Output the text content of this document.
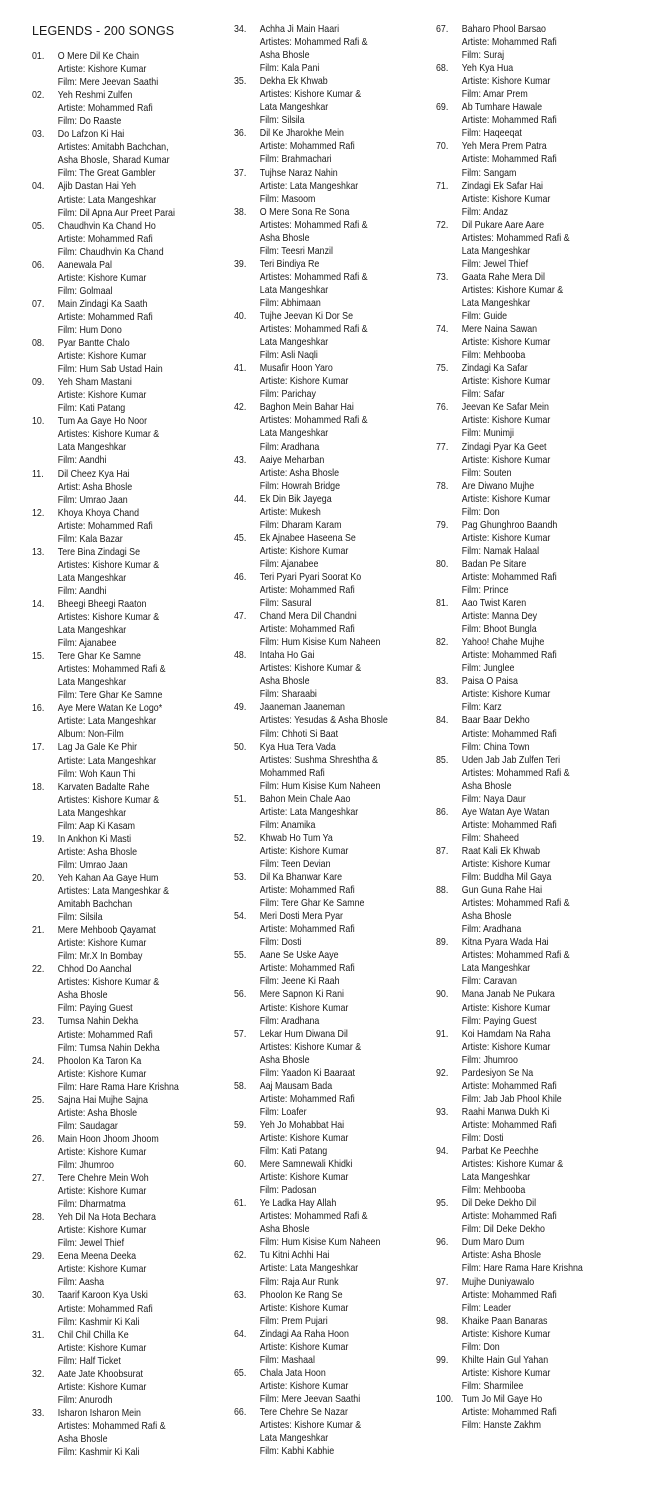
LEGENDS - 200 SONGS
01. O Mere Dil Ke Chain
Artiste: Kishore Kumar
Film: Mere Jeevan Saathi
02. Yeh Reshmi Zulfen
Artiste: Mohammed Rafi
Film: Do Raaste
03. Do Lafzon Ki Hai
Artistes: Amitabh Bachchan,
Asha Bhosle, Sharad Kumar
Film: The Great Gambler
04. Ajib Dastan Hai Yeh
Artiste: Lata Mangeshkar
Film: Dil Apna Aur Preet Parai
05. Chaudhvin Ka Chand Ho
Artiste: Mohammed Rafi
Film: Chaudhvin Ka Chand
06. Aanewala Pal
Artiste: Kishore Kumar
Film: Golmaal
07. Main Zindagi Ka Saath
Artiste: Mohammed Rafi
Film: Hum Dono
08. Pyar Bantte Chalo
Artiste: Kishore Kumar
Film: Hum Sab Ustad Hain
09. Yeh Sham Mastani
Artiste: Kishore Kumar
Film: Kati Patang
10. Tum Aa Gaye Ho Noor
Artistes: Kishore Kumar &
Lata Mangeshkar
Film: Aandhi
11. Dil Cheez Kya Hai
Artist: Asha Bhosle
Film: Umrao Jaan
12. Khoya Khoya Chand
Artiste: Mohammed Rafi
Film: Kala Bazar
13. Tere Bina Zindagi Se
Artistes: Kishore Kumar &
Lata Mangeshkar
Film: Aandhi
14. Bheegi Bheegi Raaton
Artistes: Kishore Kumar &
Lata Mangeshkar
Film: Ajanabee
15. Tere Ghar Ke Samne
Artistes: Mohammed Rafi &
Lata Mangeshkar
Film: Tere Ghar Ke Samne
16. Aye Mere Watan Ke Logo*
Artiste: Lata Mangeshkar
Album: Non-Film
17. Lag Ja Gale Ke Phir
Artiste: Lata Mangeshkar
Film: Woh Kaun Thi
18. Karvaten Badalte Rahe
Artistes: Kishore Kumar &
Lata Mangeshkar
Film: Aap Ki Kasam
19. In Ankhon Ki Masti
Artiste: Asha Bhosle
Film: Umrao Jaan
20. Yeh Kahan Aa Gaye Hum
Artistes: Lata Mangeshkar &
Amitabh Bachchan
Film: Silsila
21. Mere Mehboob Qayamat
Artiste: Kishore Kumar
Film: Mr.X In Bombay
22. Chhod Do Aanchal
Artistes: Kishore Kumar &
Asha Bhosle
Film: Paying Guest
23. Tumsa Nahin Dekha
Artiste: Mohammed Rafi
Film: Tumsa Nahin Dekha
24. Phoolon Ka Taron Ka
Artiste: Kishore Kumar
Film: Hare Rama Hare Krishna
25. Sajna Hai Mujhe Sajna
Artiste: Asha Bhosle
Film: Saudagar
26. Main Hoon Jhoom Jhoom
Artiste: Kishore Kumar
Film: Jhumroo
27. Tere Chehre Mein Woh
Artiste: Kishore Kumar
Film: Dharmatma
28. Yeh Dil Na Hota Bechara
Artiste: Kishore Kumar
Film: Jewel Thief
29. Eena Meena Deeka
Artiste: Kishore Kumar
Film: Aasha
30. Taarif Karoon Kya Uski
Artiste: Mohammed Rafi
Film: Kashmir Ki Kali
31. Chil Chil Chilla Ke
Artiste: Kishore Kumar
Film: Half Ticket
32. Aate Jate Khoobsurat
Artiste: Kishore Kumar
Film: Anurodh
33. Isharon Isharon Mein
Artistes: Mohammed Rafi &
Asha Bhosle
Film: Kashmir Ki Kali
34. Achha Ji Main Haari
Artistes: Mohammed Rafi &
Asha Bhosle
Film: Kala Pani
35. Dekha Ek Khwab
Artistes: Kishore Kumar &
Lata Mangeshkar
Film: Silsila
36. Dil Ke Jharokhe Mein
Artiste: Mohammed Rafi
Film: Brahmachari
37. Tujhse Naraz Nahin
Artiste: Lata Mangeshkar
Film: Masoom
38. O Mere Sona Re Sona
Artistes: Mohammed Rafi &
Asha Bhosle
Film: Teesri Manzil
39. Teri Bindiya Re
Artistes: Mohammed Rafi &
Lata Mangeshkar
Film: Abhimaan
40. Tujhe Jeevan Ki Dor Se
Artistes: Mohammed Rafi &
Lata Mangeshkar
Film: Asli Naqli
41. Musafir Hoon Yaro
Artiste: Kishore Kumar
Film: Parichay
42. Baghon Mein Bahar Hai
Artistes: Mohammed Rafi &
Lata Mangeshkar
Film: Aradhana
43. Aaiye Meharban
Artiste: Asha Bhosle
Film: Howrah Bridge
44. Ek Din Bik Jayega
Artiste: Mukesh
Film: Dharam Karam
45. Ek Ajnabee Haseena Se
Artiste: Kishore Kumar
Film: Ajanabee
46. Teri Pyari Pyari Soorat Ko
Artiste: Mohammed Rafi
Film: Sasural
47. Chand Mera Dil Chandni
Artiste: Mohammed Rafi
Film: Hum Kisise Kum Naheen
48. Intaha Ho Gai
Artistes: Kishore Kumar &
Asha Bhosle
Film: Sharaabi
49. Jaaneman Jaaneman
Artistes: Yesudas & Asha Bhosle
Film: Chhoti Si Baat
50. Kya Hua Tera Vada
Artistes: Sushma Shreshtha &
Mohammed Rafi
Film: Hum Kisise Kum Naheen
51. Bahon Mein Chale Aao
Artiste: Lata Mangeshkar
Film: Anamika
52. Khwab Ho Tum Ya
Artiste: Kishore Kumar
Film: Teen Devian
53. Dil Ka Bhanwar Kare
Artiste: Mohammed Rafi
Film: Tere Ghar Ke Samne
54. Meri Dosti Mera Pyar
Artiste: Mohammed Rafi
Film: Dosti
55. Aane Se Uske Aaye
Artiste: Mohammed Rafi
Film: Jeene Ki Raah
56. Mere Sapnon Ki Rani
Artiste: Kishore Kumar
Film: Aradhana
57. Lekar Hum Diwana Dil
Artistes: Kishore Kumar &
Asha Bhosle
Film: Yaadon Ki Baaraat
58. Aaj Mausam Bada
Artiste: Mohammed Rafi
Film: Loafer
59. Yeh Jo Mohabbat Hai
Artiste: Kishore Kumar
Film: Kati Patang
60. Mere Samnewali Khidki
Artiste: Kishore Kumar
Film: Padosan
61. Ye Ladka Hay Allah
Artistes: Mohammed Rafi &
Asha Bhosle
Film: Hum Kisise Kum Naheen
62. Tu Kitni Achhi Hai
Artiste: Lata Mangeshkar
Film: Raja Aur Runk
63. Phoolon Ke Rang Se
Artiste: Kishore Kumar
Film: Prem Pujari
64. Zindagi Aa Raha Hoon
Artiste: Kishore Kumar
Film: Mashaal
65. Chala Jata Hoon
Artiste: Kishore Kumar
Film: Mere Jeevan Saathi
66. Tere Chehre Se Nazar
Artistes: Kishore Kumar &
Lata Mangeshkar
Film: Kabhi Kabhie
67. Baharo Phool Barsao
Artiste: Mohammed Rafi
Film: Suraj
68. Yeh Kya Hua
Artiste: Kishore Kumar
Film: Amar Prem
69. Ab Tumhare Hawale
Artiste: Mohammed Rafi
Film: Haqeeqat
70. Yeh Mera Prem Patra
Artiste: Mohammed Rafi
Film: Sangam
71. Zindagi Ek Safar Hai
Artiste: Kishore Kumar
Film: Andaz
72. Dil Pukare Aare Aare
Artistes: Mohammed Rafi &
Lata Mangeshkar
Film: Jewel Thief
73. Gaata Rahe Mera Dil
Artistes: Kishore Kumar &
Lata Mangeshkar
Film: Guide
74. Mere Naina Sawan
Artiste: Kishore Kumar
Film: Mehbooba
75. Zindagi Ka Safar
Artiste: Kishore Kumar
Film: Safar
76. Jeevan Ke Safar Mein
Artiste: Kishore Kumar
Film: Munimji
77. Zindagi Pyar Ka Geet
Artiste: Kishore Kumar
Film: Souten
78. Are Diwano Mujhe
Artiste: Kishore Kumar
Film: Don
79. Pag Ghunghroo Baandh
Artiste: Kishore Kumar
Film: Namak Halaal
80. Badan Pe Sitare
Artiste: Mohammed Rafi
Film: Prince
81. Aao Twist Karen
Artiste: Manna Dey
Film: Bhoot Bungla
82. Yahoo! Chahe Mujhe
Artiste: Mohammed Rafi
Film: Junglee
83. Paisa O Paisa
Artiste: Kishore Kumar
Film: Karz
84. Baar Baar Dekho
Artiste: Mohammed Rafi
Film: China Town
85. Uden Jab Jab Zulfen Teri
Artistes: Mohammed Rafi &
Asha Bhosle
Film: Naya Daur
86. Aye Watan Aye Watan
Artiste: Mohammed Rafi
Film: Shaheed
87. Raat Kali Ek Khwab
Artiste: Kishore Kumar
Film: Buddha Mil Gaya
88. Gun Guna Rahe Hai
Artistes: Mohammed Rafi &
Asha Bhosle
Film: Aradhana
89. Kitna Pyara Wada Hai
Artistes: Mohammed Rafi &
Lata Mangeshkar
Film: Caravan
90. Mana Janab Ne Pukara
Artiste: Kishore Kumar
Film: Paying Guest
91. Koi Hamdam Na Raha
Artiste: Kishore Kumar
Film: Jhumroo
92. Pardesiyon Se Na
Artiste: Mohammed Rafi
Film: Jab Jab Phool Khile
93. Raahi Manwa Dukh Ki
Artiste: Mohammed Rafi
Film: Dosti
94. Parbat Ke Peechhe
Artistes: Kishore Kumar &
Lata Mangeshkar
Film: Mehbooba
95. Dil Deke Dekho Dil
Artiste: Mohammed Rafi
Film: Dil Deke Dekho
96. Dum Maro Dum
Artiste: Asha Bhosle
Film: Hare Rama Hare Krishna
97. Mujhe Duniyawalo
Artiste: Mohammed Rafi
Film: Leader
98. Khaike Paan Banaras
Artiste: Kishore Kumar
Film: Don
99. Khilte Hain Gul Yahan
Artiste: Kishore Kumar
Film: Sharmilee
100. Tum Jo Mil Gaye Ho
Artiste: Mohammed Rafi
Film: Hanste Zakhm
